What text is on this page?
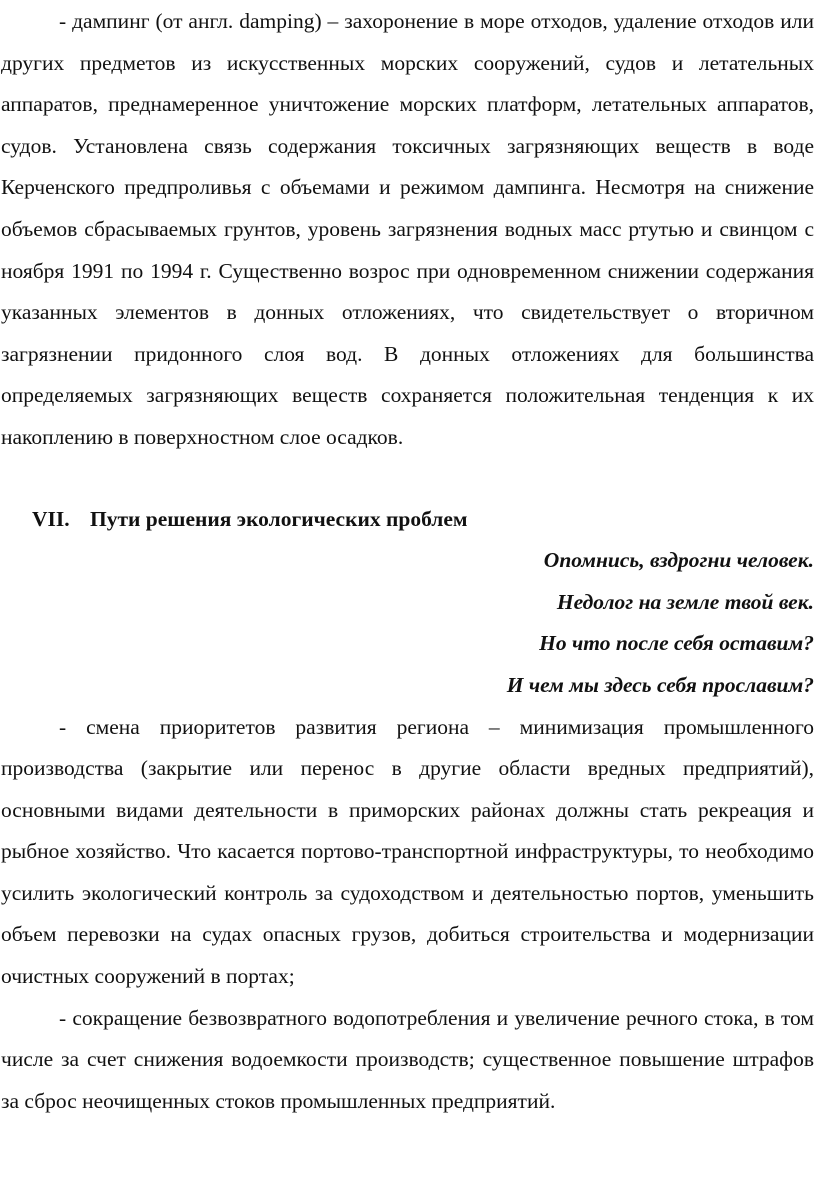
- дампинг (от англ. damping) – захоронение в море отходов, удаление отходов или других предметов из искусственных морских сооружений, судов и летательных аппаратов, преднамеренное уничтожение морских платформ, летательных аппаратов, судов. Установлена связь содержания токсичных загрязняющих веществ в воде Керченского предпроливья с объемами и режимом дампинга. Несмотря на снижение объемов сбрасываемых грунтов, уровень загрязнения водных масс ртутью и свинцом с ноября 1991 по 1994 г. Существенно возрос при одновременном снижении содержания указанных элементов в донных отложениях, что свидетельствует о вторичном загрязнении придонного слоя вод. В донных отложениях для большинства определяемых загрязняющих веществ сохраняется положительная тенденция к их накоплению в поверхностном слое осадков.

VII. Пути решения экологических проблем

Опомнись, вздрогни человек.

Недолог на земле твой век.

Но что после себя оставим?

И чем мы здесь себя прославим?

- смена приоритетов развития региона – минимизация промышленного производства (закрытие или перенос в другие области вредных предприятий), основными видами деятельности в приморских районах должны стать рекреация и рыбное хозяйство. Что касается портово-транспортной инфраструктуры, то необходимо усилить экологический контроль за судоходством и деятельностью портов, уменьшить объем перевозки на судах опасных грузов, добиться строительства и модернизации очистных сооружений в портах;

- сокращение безвозвратного водопотребления и увеличение речного стока, в том числе за счет снижения водоемкости производств; существенное повышение штрафов за сброс неочищенных стоков промышленных предприятий.
